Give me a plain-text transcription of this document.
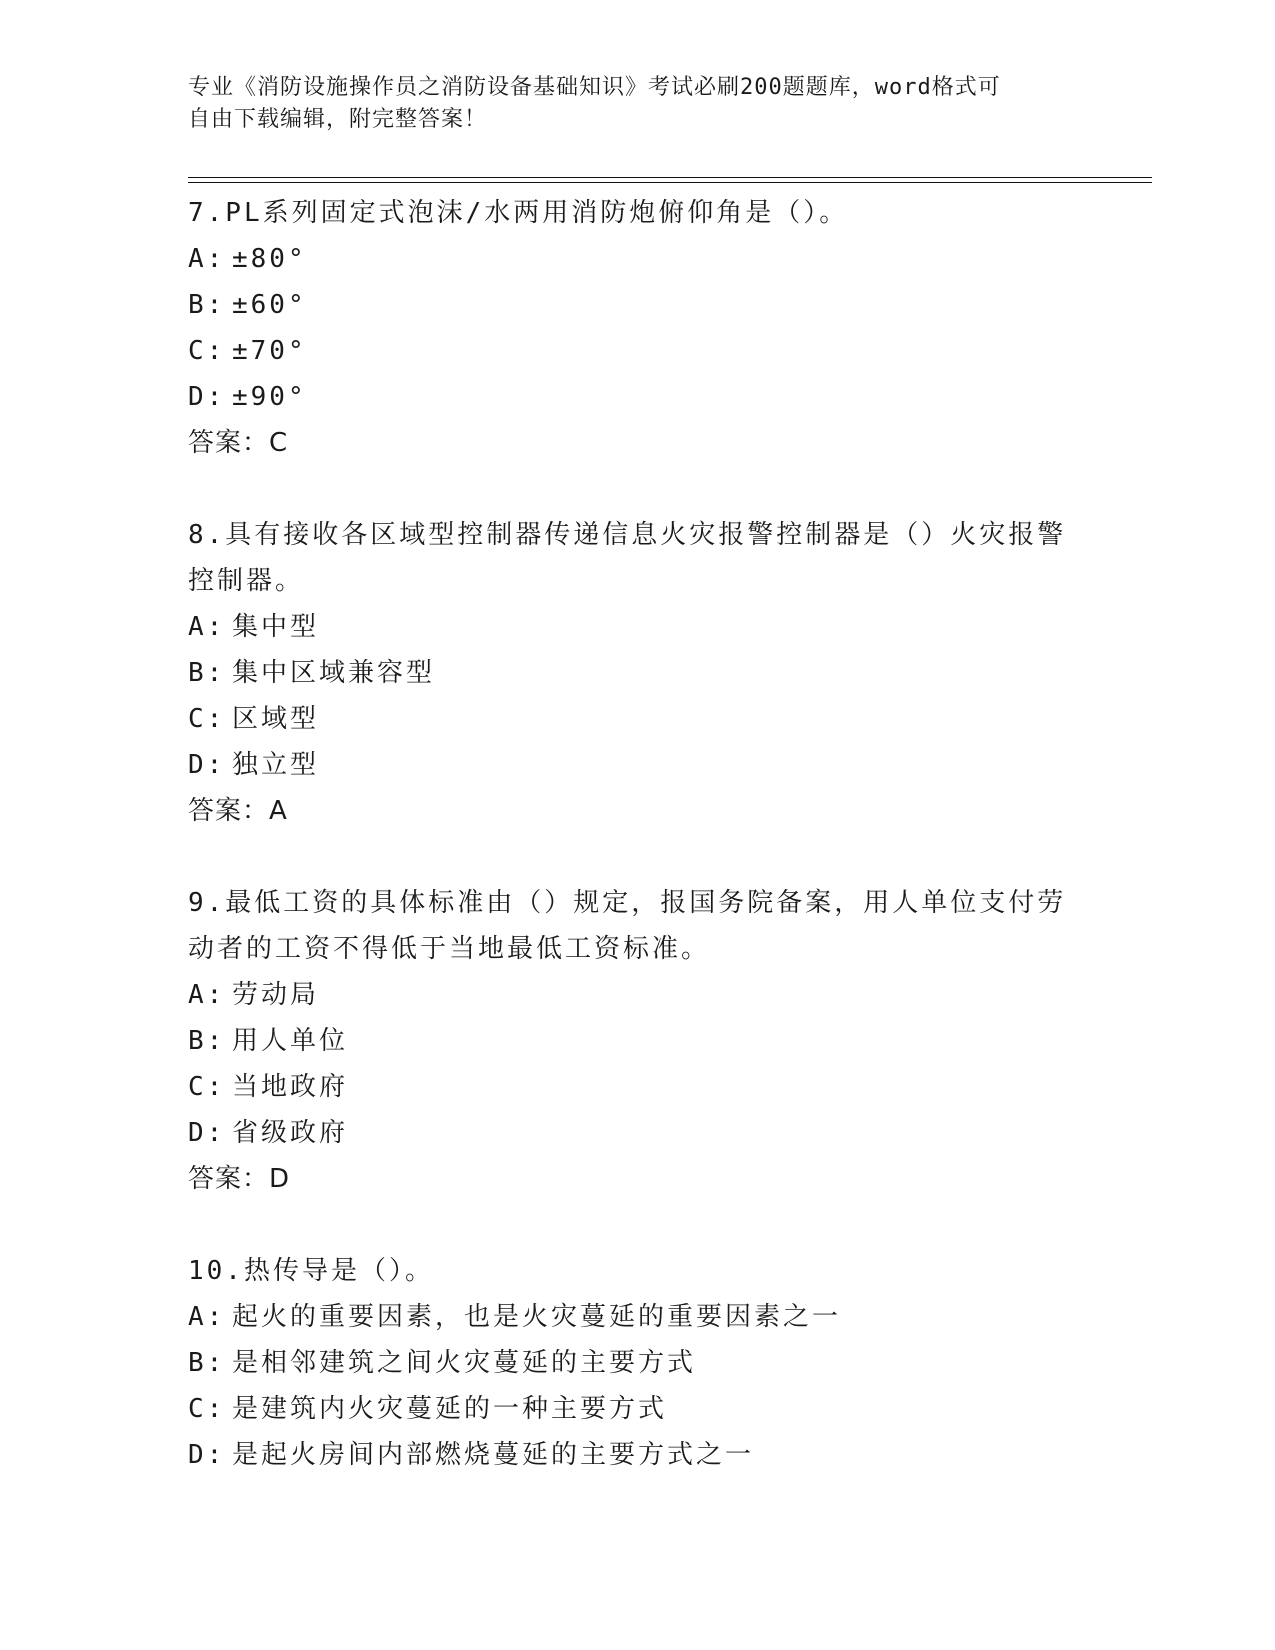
专业《消防设施操作员之消防设备基础知识》考试必刷200题题库，word格式可
自由下载编辑，附完整答案！
7.PL系列固定式泡沫/水两用消防炮俯仰角是（）。
A: ±80°
B: ±60°
C: ±70°
D: ±90°
答案：C
8.具有接收各区域型控制器传递信息火灾报警控制器是（）火灾报警控制器。
A: 集中型
B: 集中区域兼容型
C: 区域型
D: 独立型
答案：A
9.最低工资的具体标准由（）规定，报国务院备案，用人单位支付劳动者的工资不得低于当地最低工资标准。
A: 劳动局
B: 用人单位
C: 当地政府
D: 省级政府
答案：D
10.热传导是（）。
A: 起火的重要因素，也是火灾蔓延的重要因素之一
B: 是相邻建筑之间火灾蔓延的主要方式
C: 是建筑内火灾蔓延的一种主要方式
D: 是起火房间内部燃烧蔓延的主要方式之一
